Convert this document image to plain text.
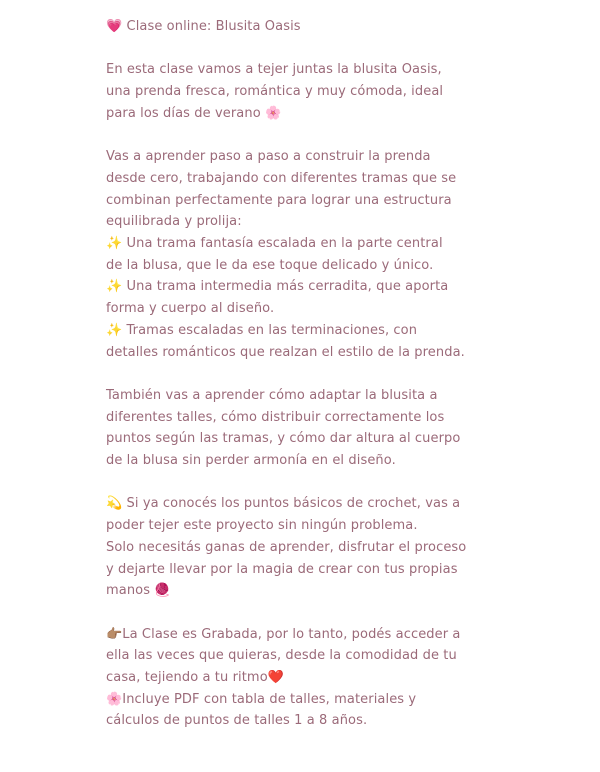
💗 Clase online: Blusita Oasis
En esta clase vamos a tejer juntas la blusita Oasis,
una prenda fresca, romántica y muy cómoda, ideal
para los días de verano 🌸
Vas a aprender paso a paso a construir la prenda
desde cero, trabajando con diferentes tramas que se
combinan perfectamente para lograr una estructura
equilibrada y prolija:
✨ Una trama fantasía escalada en la parte central
de la blusa, que le da ese toque delicado y único.
✨ Una trama intermedia más cerradita, que aporta
forma y cuerpo al diseño.
✨ Tramas escaladas en las terminaciones, con
detalles románticos que realzan el estilo de la prenda.
También vas a aprender cómo adaptar la blusita a
diferentes talles, cómo distribuir correctamente los
puntos según las tramas, y cómo dar altura al cuerpo
de la blusa sin perder armonía en el diseño.
💫 Si ya conocés los puntos básicos de crochet, vas a
poder tejer este proyecto sin ningún problema.
Solo necesitás ganas de aprender, disfrutar el proceso
y dejarte llevar por la magia de crear con tus propias
manos 🧶
👉🏽La Clase es Grabada, por lo tanto, podés acceder a
ella las veces que quieras, desde la comodidad de tu
casa, tejiendo a tu ritmo❤️
🌸Incluye PDF con tabla de talles, materiales y
cálculos de puntos de talles 1 a 8 años.
